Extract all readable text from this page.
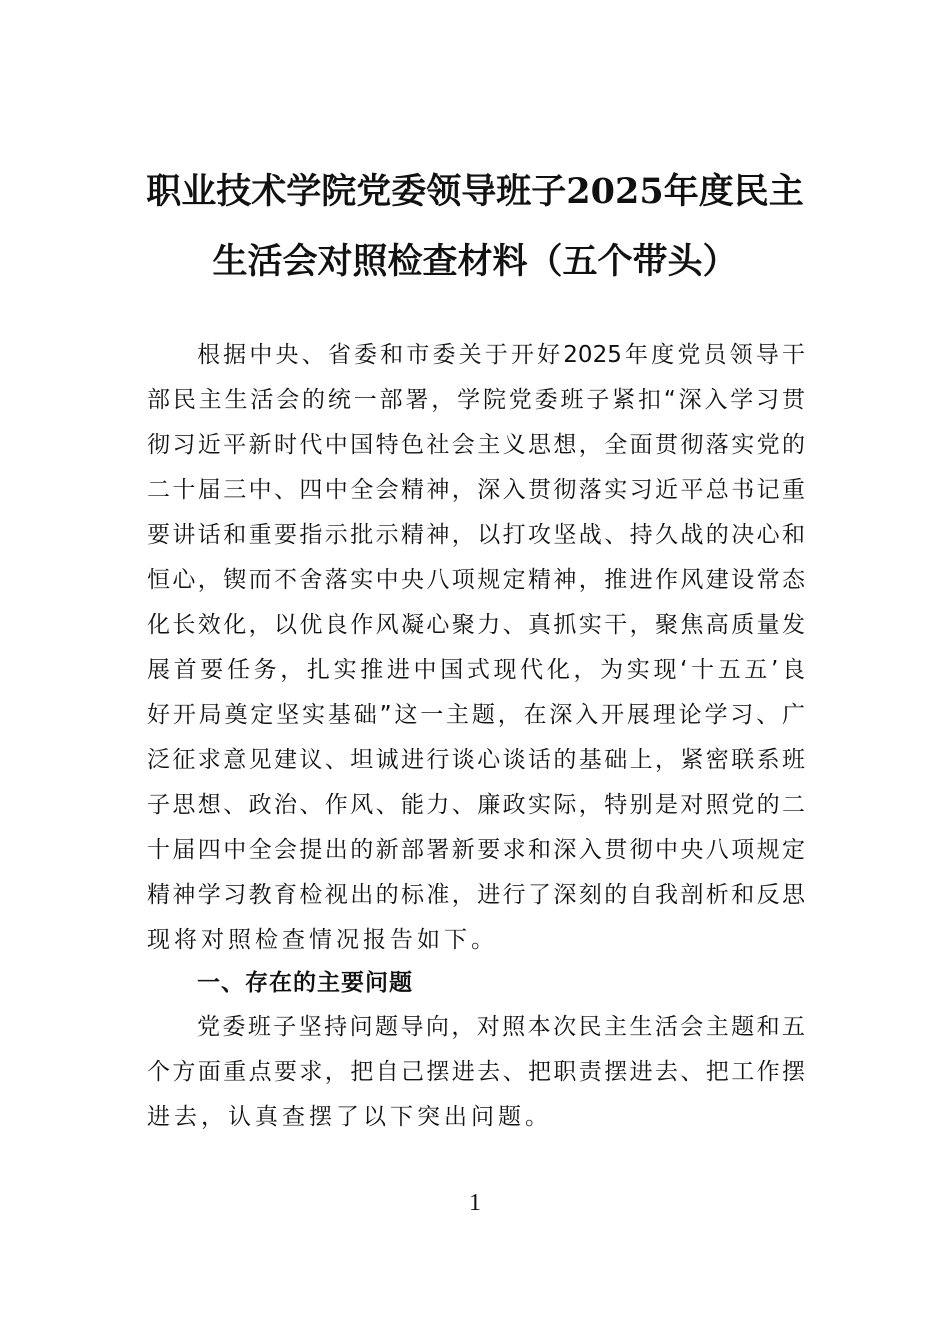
职业技术学院党委领导班子2025年度民主
生活会对照检查材料（五个带头）
根据中央、省委和市委关于开好2025年度党员领导干
部民主生活会的统一部署，学院党委班子紧扣“深入学习贯
彻习近平新时代中国特色社会主义思想，全面贯彻落实党的
二十届三中、四中全会精神，深入贯彻落实习近平总书记重
要讲话和重要指示批示精神，以打攻坚战、持久战的决心和
恒心，锲而不舍落实中央八项规定精神，推进作风建设常态
化长效化，以优良作风凝心聚力、真抓实干，聚焦高质量发
展首要任务，扎实推进中国式现代化，为实现‘十五五’良
好开局奠定坚实基础”这一主题，在深入开展理论学习、广
泛征求意见建议、坦诚进行谈心谈话的基础上，紧密联系班
子思想、政治、作风、能力、廉政实际，特别是对照党的二
十届四中全会提出的新部署新要求和深入贯彻中央八项规定
精神学习教育检视出的标准，进行了深刻的自我剖析和反思
现将对照检查情况报告如下。
一、存在的主要问题
党委班子坚持问题导向，对照本次民主生活会主题和五
个方面重点要求，把自己摆进去、把职责摆进去、把工作摆
进去，认真查摆了以下突出问题。
1
